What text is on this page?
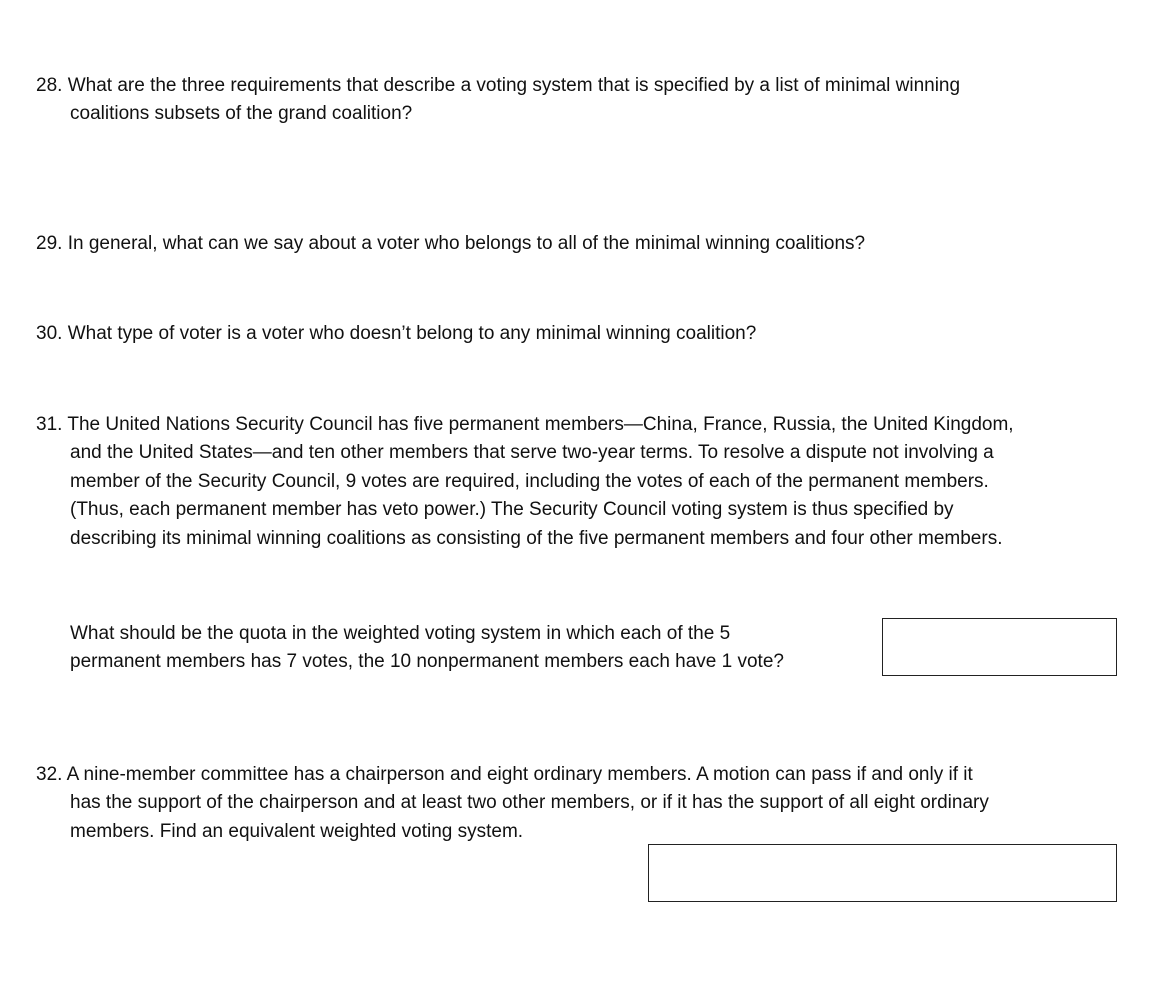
28. What are the three requirements that describe a voting system that is specified by a list of minimal winning
coalitions subsets of the grand coalition?
29. In general, what can we say about a voter who belongs to all of the minimal winning coalitions?
30. What type of voter is a voter who doesn’t belong to any minimal winning coalition?
31. The United Nations Security Council has five permanent members—China, France, Russia, the United Kingdom,
and the United States—and ten other members that serve two-year terms. To resolve a dispute not involving a
member of the Security Council, 9 votes are required, including the votes of each of the permanent members.
(Thus, each permanent member has veto power.) The Security Council voting system is thus specified by
describing its minimal winning coalitions as consisting of the five permanent members and four other members.
What should be the quota in the weighted voting system in which each of the 5
permanent members has 7 votes, the 10 nonpermanent members each have 1 vote?
32. A nine-member committee has a chairperson and eight ordinary members. A motion can pass if and only if it
has the support of the chairperson and at least two other members, or if it has the support of all eight ordinary
members. Find an equivalent weighted voting system.
